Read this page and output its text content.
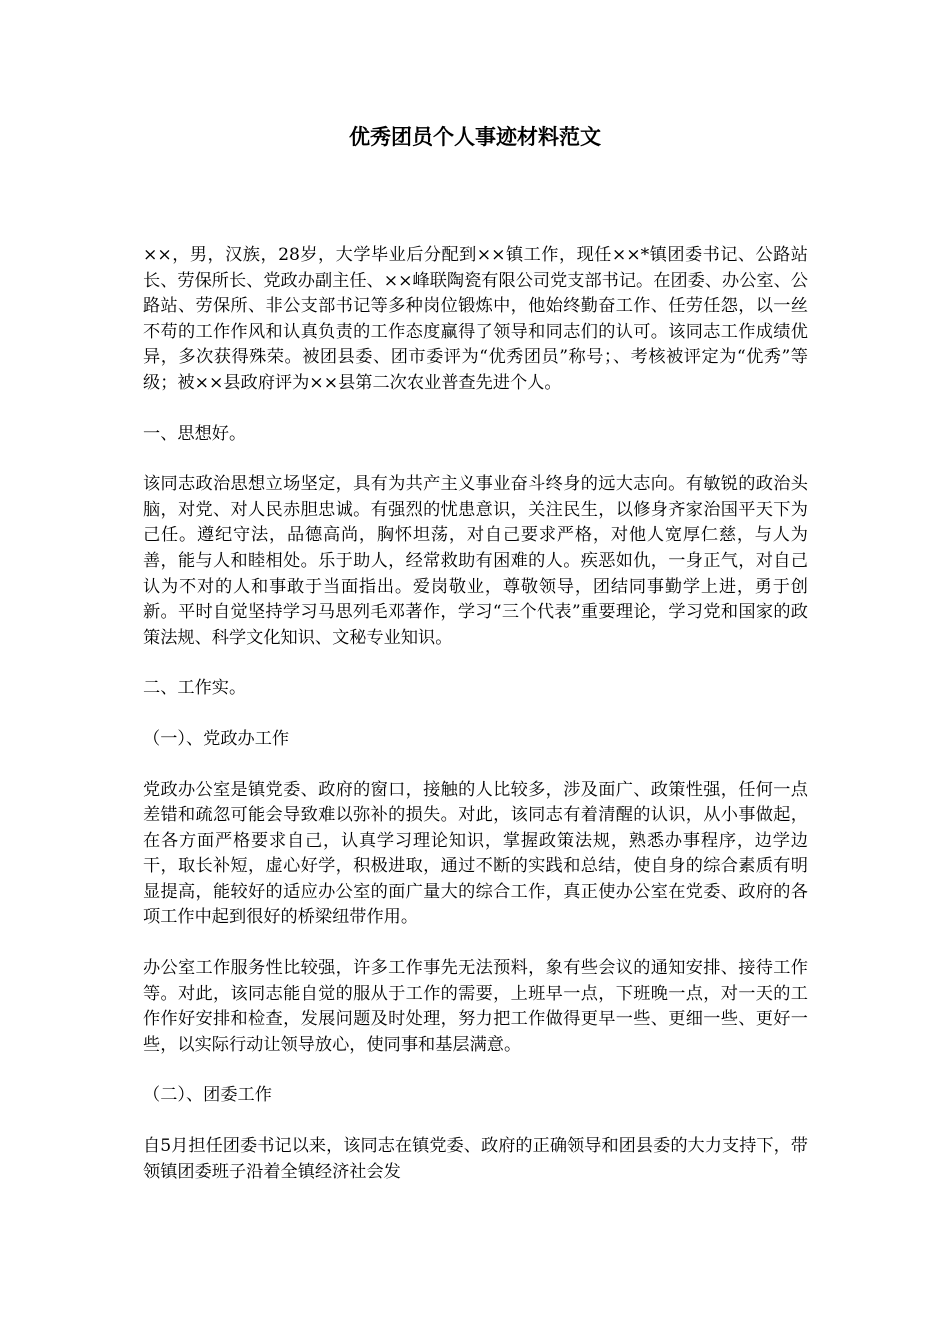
优秀团员个人事迹材料范文

××，男，汉族，28岁，大学毕业后分配到××镇工作，现任××*镇团委书记、公路站长、劳保所长、党政办副主任、××峰联陶瓷有限公司党支部书记。在团委、办公室、公路站、劳保所、非公支部书记等多种岗位锻炼中，他始终勤奋工作、任劳任怨，以一丝不苟的工作作风和认真负责的工作态度赢得了领导和同志们的认可。该同志工作成绩优异，多次获得殊荣。被团县委、团市委评为“优秀团员”称号；、考核被评定为“优秀”等级；被××县政府评为××县第二次农业普查先进个人。

一、思想好。

该同志政治思想立场坚定，具有为共产主义事业奋斗终身的远大志向。有敏锐的政治头脑，对党、对人民赤胆忠诚。有强烈的忧患意识，关注民生，以修身齐家治国平天下为己任。遵纪守法，品德高尚，胸怀坦荡，对自己要求严格，对他人宽厚仁慈，与人为善，能与人和睦相处。乐于助人，经常救助有困难的人。疾恶如仇，一身正气，对自己认为不对的人和事敢于当面指出。爱岗敬业，尊敬领导，团结同事勤学上进，勇于创新。平时自觉坚持学习马思列毛邓著作，学习“三个代表”重要理论，学习党和国家的政策法规、科学文化知识、文秘专业知识。

二、工作实。

（一）、党政办工作

党政办公室是镇党委、政府的窗口，接触的人比较多，涉及面广、政策性强，任何一点差错和疏忽可能会导致难以弥补的损失。对此，该同志有着清醒的认识，从小事做起，在各方面严格要求自己，认真学习理论知识，掌握政策法规，熟悉办事程序，边学边干，取长补短，虚心好学，积极进取，通过不断的实践和总结，使自身的综合素质有明显提高，能较好的适应办公室的面广量大的综合工作，真正使办公室在党委、政府的各项工作中起到很好的桥梁纽带作用。

办公室工作服务性比较强，许多工作事先无法预料，象有些会议的通知安排、接待工作等。对此，该同志能自觉的服从于工作的需要，上班早一点，下班晚一点，对一天的工作作好安排和检查，发展问题及时处理，努力把工作做得更早一些、更细一些、更好一些，以实际行动让领导放心，使同事和基层满意。

（二）、团委工作

自5月担任团委书记以来，该同志在镇党委、政府的正确领导和团县委的大力支持下，带领镇团委班子沿着全镇经济社会发
